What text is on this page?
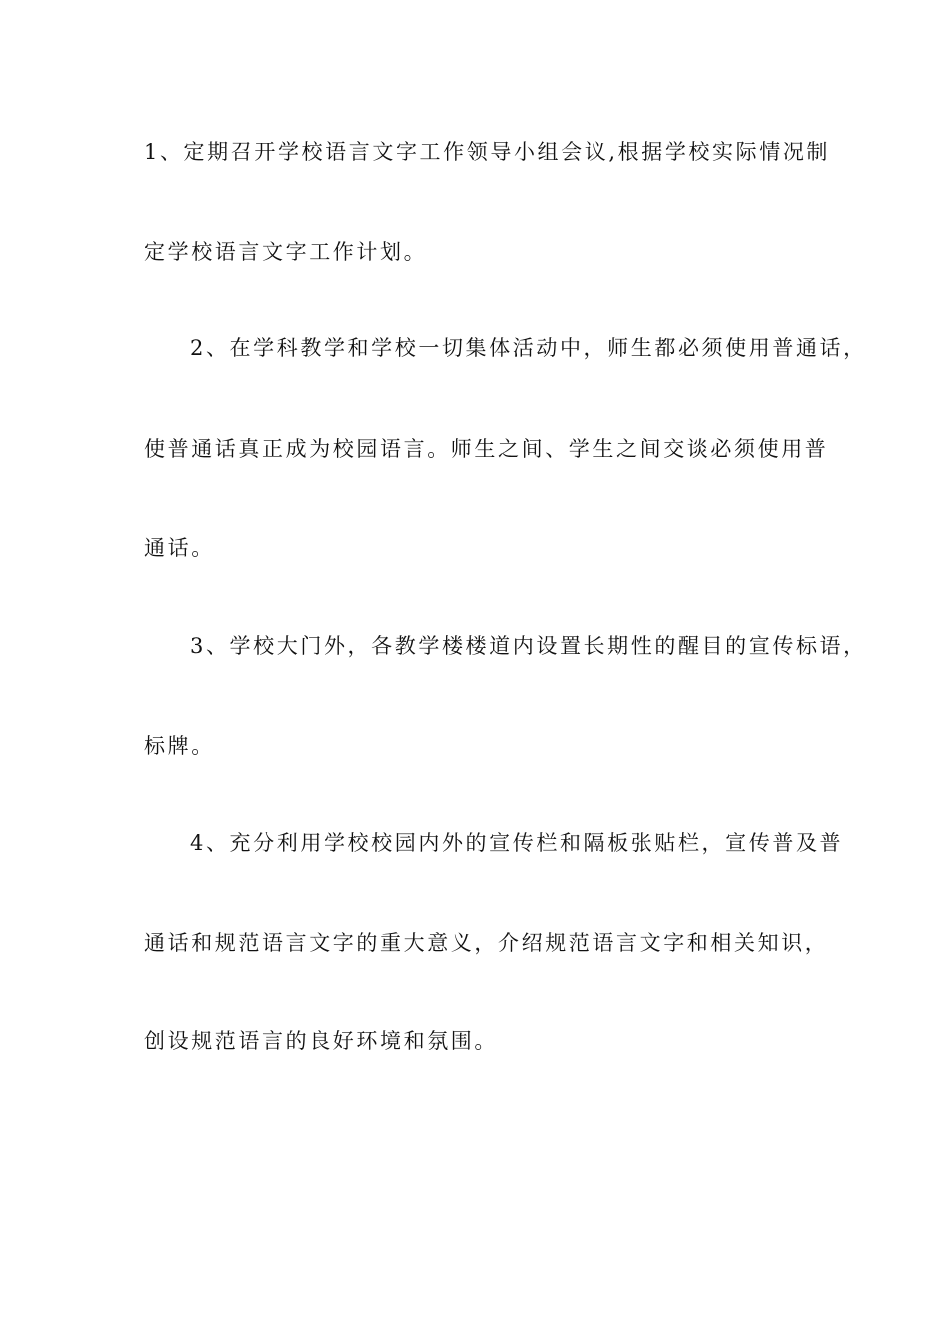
1、定期召开学校语言文字工作领导小组会议,根据学校实际情况制
定学校语言文字工作计划。
2、在学科教学和学校一切集体活动中，师生都必须使用普通话，
使普通话真正成为校园语言。师生之间、学生之间交谈必须使用普
通话。
3、学校大门外，各教学楼楼道内设置长期性的醒目的宣传标语，
标牌。
4、充分利用学校校园内外的宣传栏和隔板张贴栏，宣传普及普
通话和规范语言文字的重大意义，介绍规范语言文字和相关知识，
创设规范语言的良好环境和氛围。
